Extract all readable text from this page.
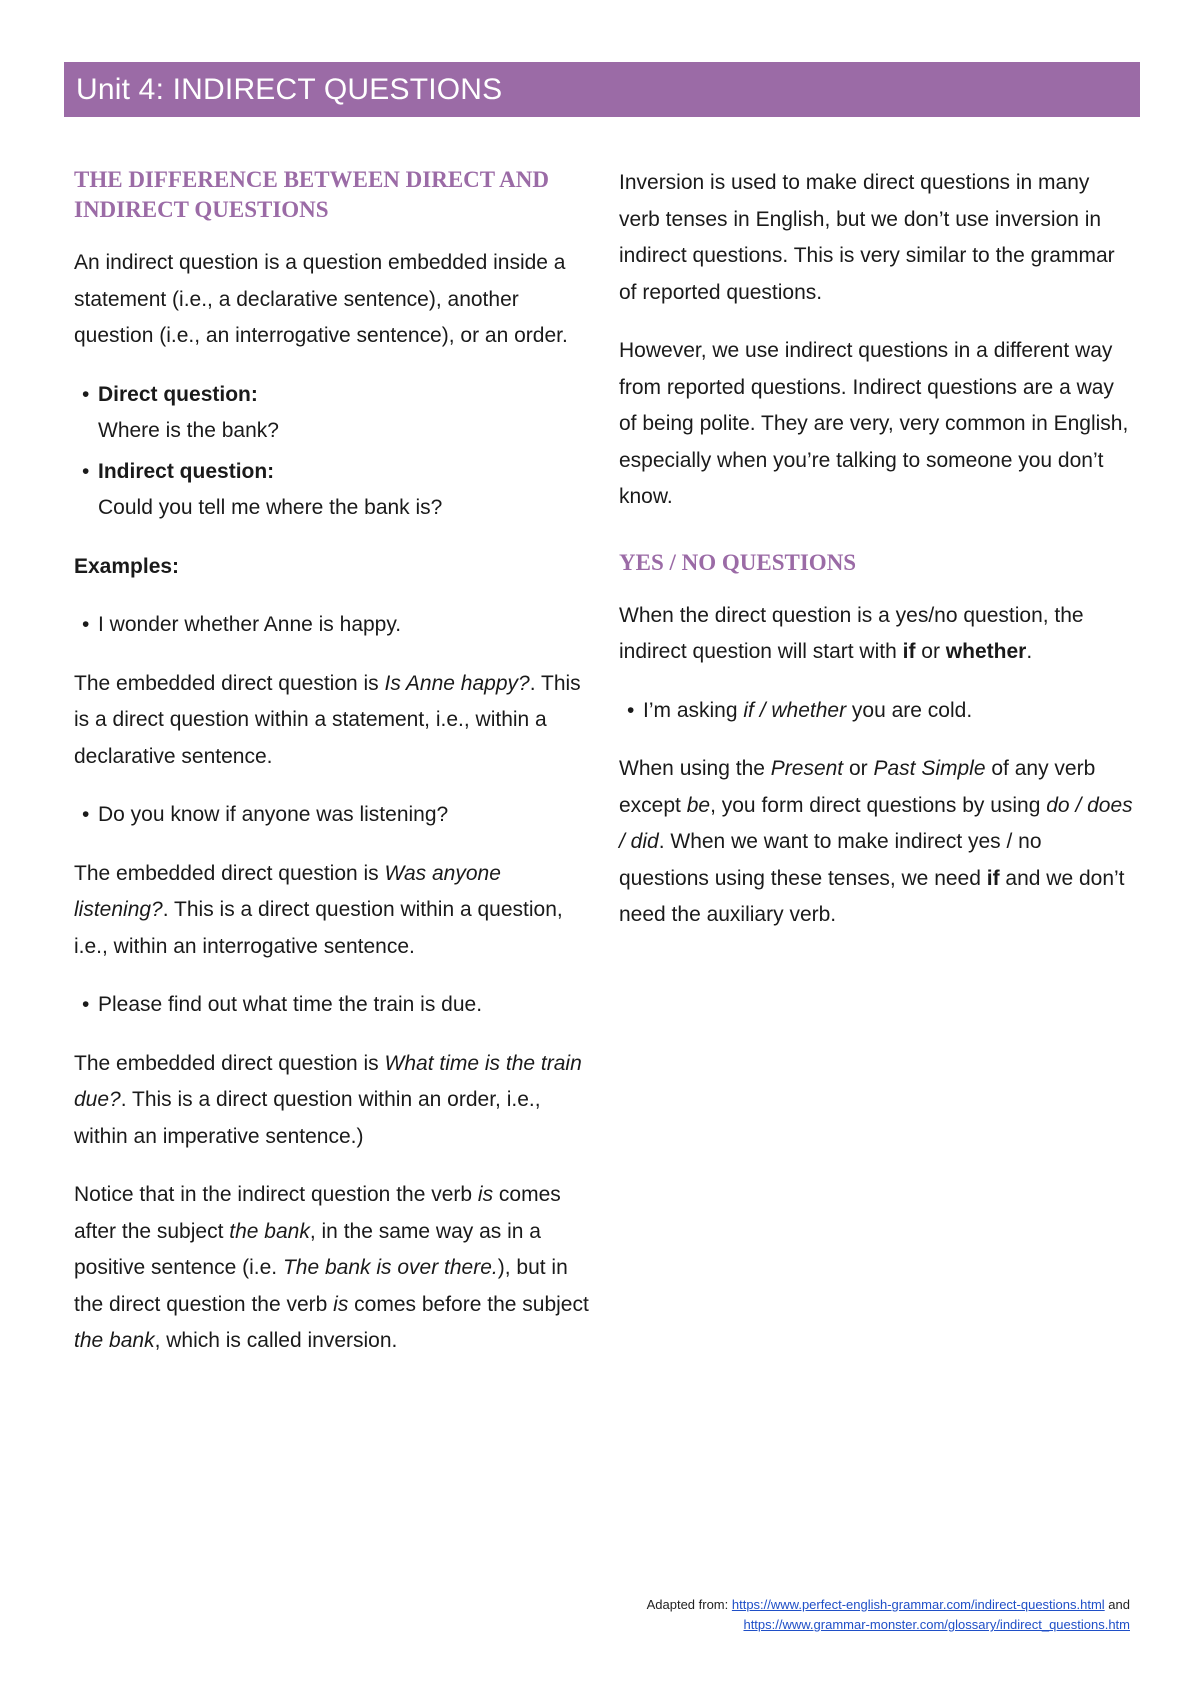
Unit 4: INDIRECT QUESTIONS
THE DIFFERENCE BETWEEN DIRECT AND
INDIRECT QUESTIONS

An indirect question is a question embedded inside a statement (i.e., a declarative sentence), another question (i.e., an interrogative sentence), or an order.

• Direct question:
Where is the bank?
• Indirect question:
Could you tell me where the bank is?

Examples:

• I wonder whether Anne is happy.

The embedded direct question is Is Anne happy?. This is a direct question within a statement, i.e., within a declarative sentence.

• Do you know if anyone was listening?

The embedded direct question is Was anyone listening?. This is a direct question within a question, i.e., within an interrogative sentence.

• Please find out what time the train is due.

The embedded direct question is What time is the train due?. This is a direct question within an order, i.e., within an imperative sentence.)

Notice that in the indirect question the verb is comes after the subject the bank, in the same way as in a positive sentence (i.e. The bank is over there.), but in the direct question the verb is comes before the subject the bank, which is called inversion.

Inversion is used to make direct questions in many verb tenses in English, but we don’t use inversion in indirect questions. This is very similar to the grammar of reported questions.

However, we use indirect questions in a different way from reported questions. Indirect questions are a way of being polite. They are very, very common in English, especially when you’re talking to someone you don’t know.

YES / NO QUESTIONS

When the direct question is a yes/no question, the indirect question will start with if or whether.

• I’m asking if / whether you are cold.

When using the Present or Past Simple of any verb except be, you form direct questions by using do / does / did. When we want to make indirect yes / no questions using these tenses, we need if and we don’t need the auxiliary verb.

Adapted from: https://www.perfect-english-grammar.com/indirect-questions.html and
https://www.grammar-monster.com/glossary/indirect_questions.htm
